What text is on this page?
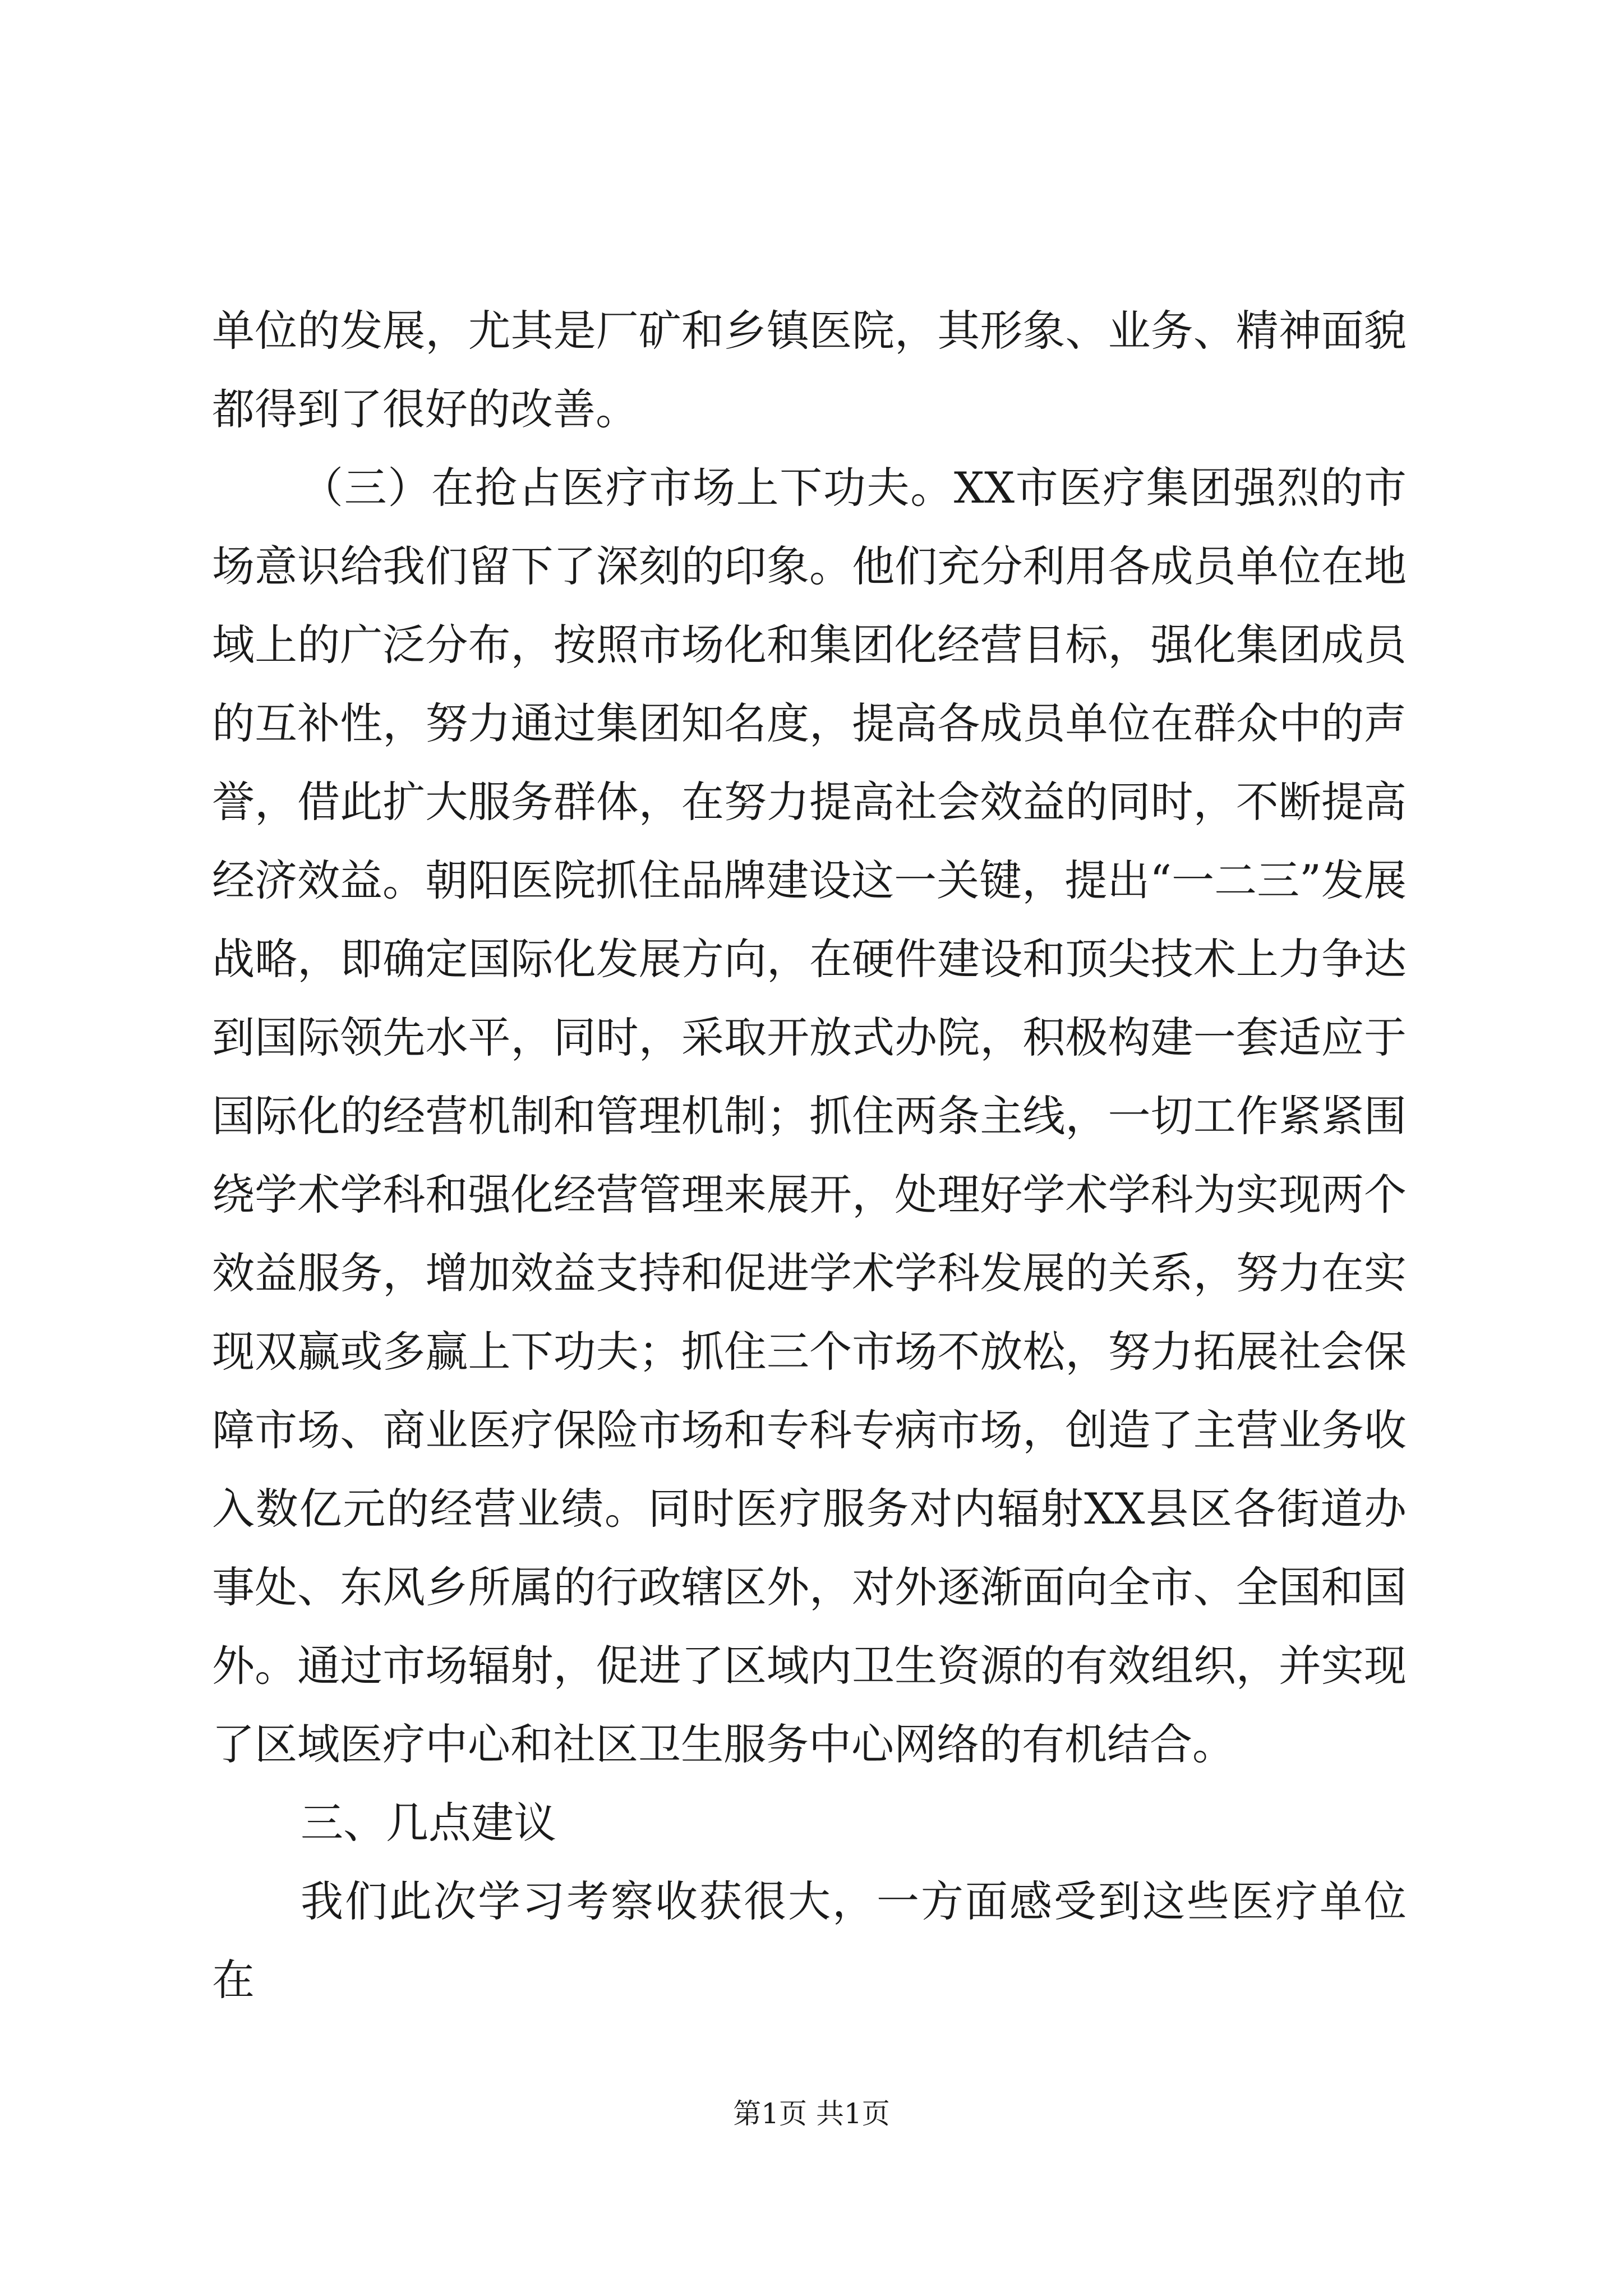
单位的发展，尤其是厂矿和乡镇医院，其形象、业务、精神面貌都得到了很好的改善。

（三）在抢占医疗市场上下功夫。XX市医疗集团强烈的市场意识给我们留下了深刻的印象。他们充分利用各成员单位在地域上的广泛分布，按照市场化和集团化经营目标，强化集团成员的互补性，努力通过集团知名度，提高各成员单位在群众中的声誉，借此扩大服务群体，在努力提高社会效益的同时，不断提高经济效益。朝阳医院抓住品牌建设这一关键，提出“一二三”发展战略，即确定国际化发展方向，在硬件建设和顶尖技术上力争达到国际领先水平，同时，采取开放式办院，积极构建一套适应于国际化的经营机制和管理机制；抓住两条主线，一切工作紧紧围绕学术学科和强化经营管理来展开，处理好学术学科为实现两个效益服务，增加效益支持和促进学术学科发展的关系，努力在实现双赢或多赢上下功夫；抓住三个市场不放松，努力拓展社会保障市场、商业医疗保险市场和专科专病市场，创造了主营业务收入数亿元的经营业绩。同时医疗服务对内辐射XX县区各街道办事处、东风乡所属的行政辖区外，对外逐渐面向全市、全国和国外。通过市场辐射，促进了区域内卫生资源的有效组织，并实现了区域医疗中心和社区卫生服务中心网络的有机结合。

三、几点建议

我们此次学习考察收获很大，一方面感受到这些医疗单位在

第1页 共1页
